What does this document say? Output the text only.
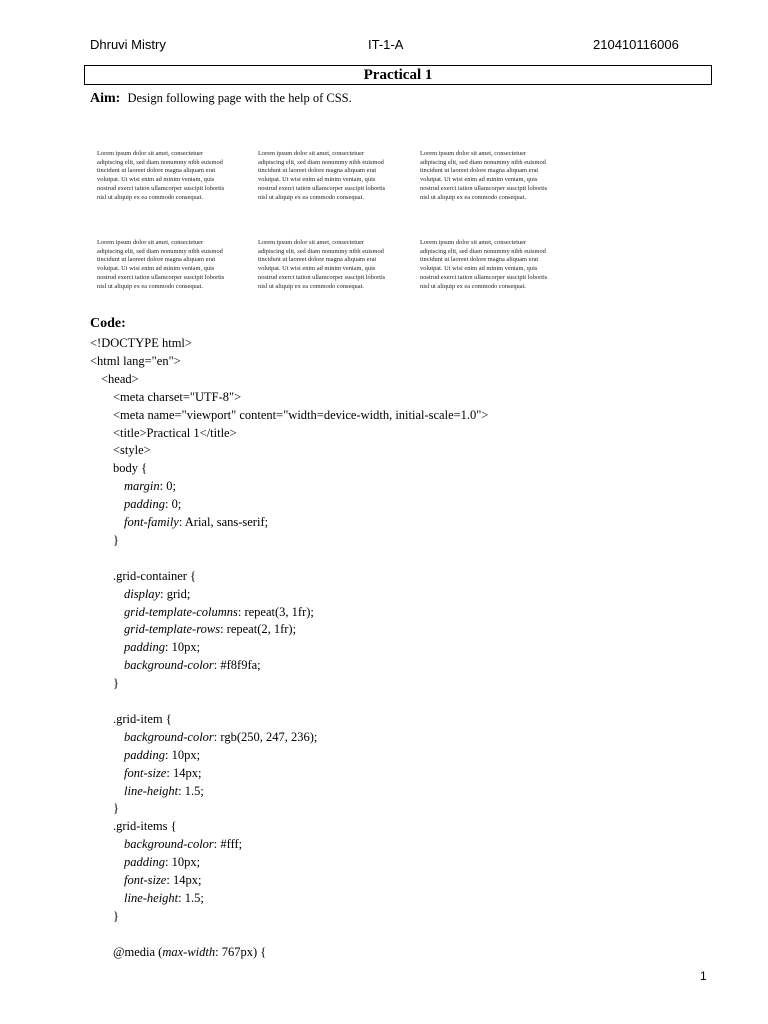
Dhruvi Mistry	IT-1-A	210410116006
Practical 1
Aim: Design following page with the help of CSS.
Lorem ipsum dolor sit amet, consectetuer
adipiscing elit, sed diam nonummy nibh euismod
tincidunt ut laoreet dolore magna aliquam erat
volutpat. Ut wisi enim ad minim veniam, quis
nostrud exerci tation ullamcorper suscipit lobortis
nisl ut aliquip ex ea commodo consequat.
Lorem ipsum dolor sit amet, consectetuer
adipiscing elit, sed diam nonummy nibh euismod
tincidunt ut laoreet dolore magna aliquam erat
volutpat. Ut wisi enim ad minim veniam, quis
nostrud exerci tation ullamcorper suscipit lobortis
nisl ut aliquip ex ea commodo consequat.
Lorem ipsum dolor sit amet, consectetuer
adipiscing elit, sed diam nonummy nibh euismod
tincidunt ut laoreet dolore magna aliquam erat
volutpat. Ut wisi enim ad minim veniam, quis
nostrud exerci tation ullamcorper suscipit lobortis
nisl ut aliquip ex ea commodo consequat.
Lorem ipsum dolor sit amet, consectetuer
adipiscing elit, sed diam nonummy nibh euismod
tincidunt ut laoreet dolore magna aliquam erat
volutpat. Ut wisi enim ad minim veniam, quis
nostrud exerci tation ullamcorper suscipit lobortis
nisl ut aliquip ex ea commodo consequat.
Lorem ipsum dolor sit amet, consectetuer
adipiscing elit, sed diam nonummy nibh euismod
tincidunt ut laoreet dolore magna aliquam erat
volutpat. Ut wisi enim ad minim veniam, quis
nostrud exerci tation ullamcorper suscipit lobortis
nisl ut aliquip ex ea commodo consequat.
Lorem ipsum dolor sit amet, consectetuer
adipiscing elit, sed diam nonummy nibh euismod
tincidunt ut laoreet dolore magna aliquam erat
volutpat. Ut wisi enim ad minim veniam, quis
nostrud exerci tation ullamcorper suscipit lobortis
nisl ut aliquip ex ea commodo consequat.
Code:
<!DOCTYPE html>
<html lang="en">
<head>
<meta charset="UTF-8">
<meta name="viewport" content="width=device-width, initial-scale=1.0">
<title>Practical 1</title>
<style>
body {
margin: 0;
padding: 0;
font-family: Arial, sans-serif;
}
.grid-container {
display: grid;
grid-template-columns: repeat(3, 1fr);
grid-template-rows: repeat(2, 1fr);
padding: 10px;
background-color: #f8f9fa;
}
.grid-item {
background-color: rgb(250, 247, 236);
padding: 10px;
font-size: 14px;
line-height: 1.5;
}
.grid-items {
background-color: #fff;
padding: 10px;
font-size: 14px;
line-height: 1.5;
}
@media (max-width: 767px) {
1
